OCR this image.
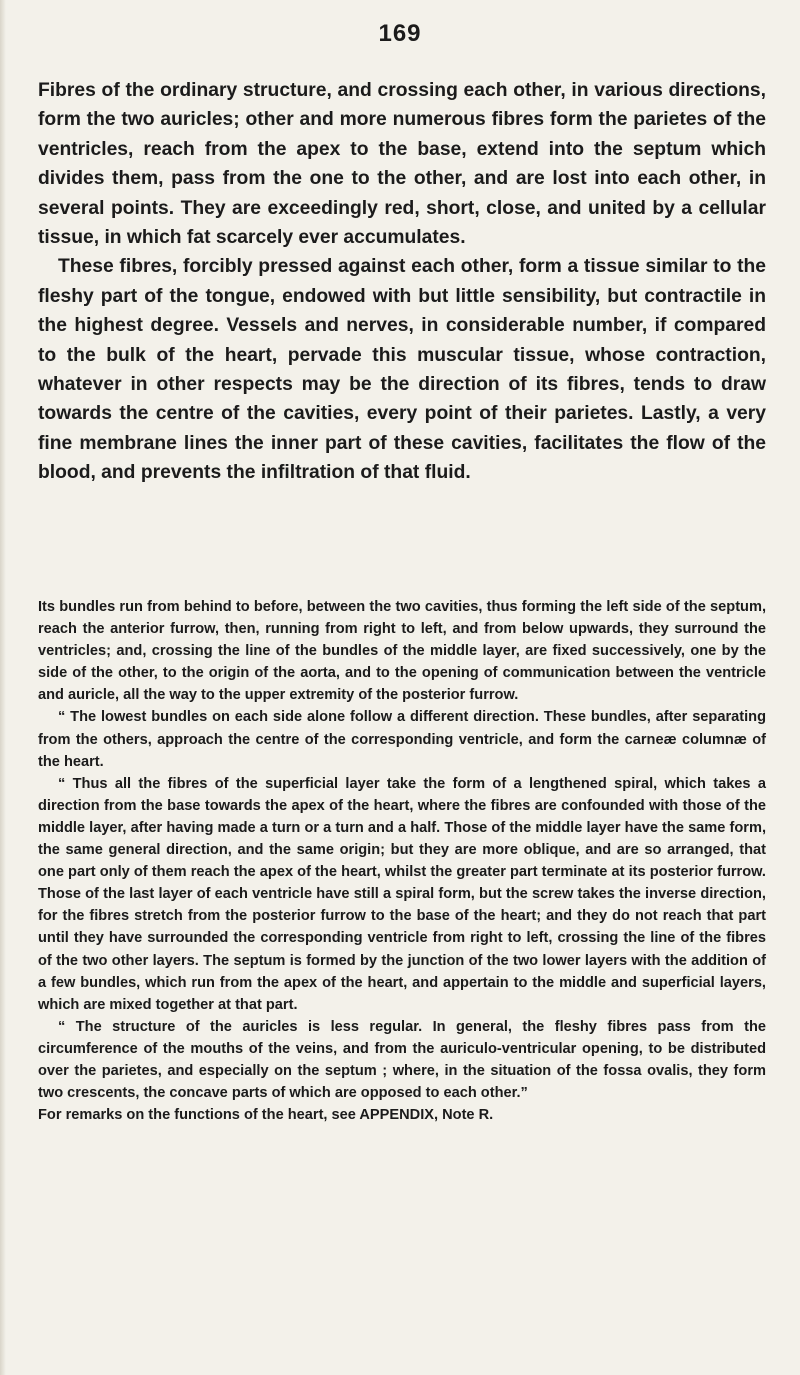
169

Fibres of the ordinary structure, and crossing each other, in various directions, form the two auricles; other and more numerous fibres form the parietes of the ventricles, reach from the apex to the base, extend into the septum which divides them, pass from the one to the other, and are lost into each other, in several points. They are exceedingly red, short, close, and united by a cellular tissue, in which fat scarcely ever accumulates.

These fibres, forcibly pressed against each other, form a tissue similar to the fleshy part of the tongue, endowed with but little sensibility, but contractile in the highest degree. Vessels and nerves, in considerable number, if compared to the bulk of the heart, pervade this muscular tissue, whose contraction, whatever in other respects may be the direction of its fibres, tends to draw towards the centre of the cavities, every point of their parietes. Lastly, a very fine membrane lines the inner part of these cavities, facilitates the flow of the blood, and prevents the infiltration of that fluid.

Its bundles run from behind to before, between the two cavities, thus forming the left side of the septum, reach the anterior furrow, then, running from right to left, and from below upwards, they surround the ventricles; and, crossing the line of the bundles of the middle layer, are fixed successively, one by the side of the other, to the origin of the aorta, and to the opening of communication between the ventricle and auricle, all the way to the upper extremity of the posterior furrow.

“ The lowest bundles on each side alone follow a different direction. These bundles, after separating from the others, approach the centre of the corresponding ventricle, and form the carneæ columnæ of the heart.

“ Thus all the fibres of the superficial layer take the form of a lengthened spiral, which takes a direction from the base towards the apex of the heart, where the fibres are confounded with those of the middle layer, after having made a turn or a turn and a half. Those of the middle layer have the same form, the same general direction, and the same origin; but they are more oblique, and are so arranged, that one part only of them reach the apex of the heart, whilst the greater part terminate at its posterior furrow. Those of the last layer of each ventricle have still a spiral form, but the screw takes the inverse direction, for the fibres stretch from the posterior furrow to the base of the heart; and they do not reach that part until they have surrounded the corresponding ventricle from right to left, crossing the line of the fibres of the two other layers. The septum is formed by the junction of the two lower layers with the addition of a few bundles, which run from the apex of the heart, and appertain to the middle and superficial layers, which are mixed together at that part.

“ The structure of the auricles is less regular. In general, the fleshy fibres pass from the circumference of the mouths of the veins, and from the auriculo-ventricular opening, to be distributed over the parietes, and especially on the septum ; where, in the situation of the fossa ovalis, they form two crescents, the concave parts of which are opposed to each other.”

For remarks on the functions of the heart, see APPENDIX, Note R.
